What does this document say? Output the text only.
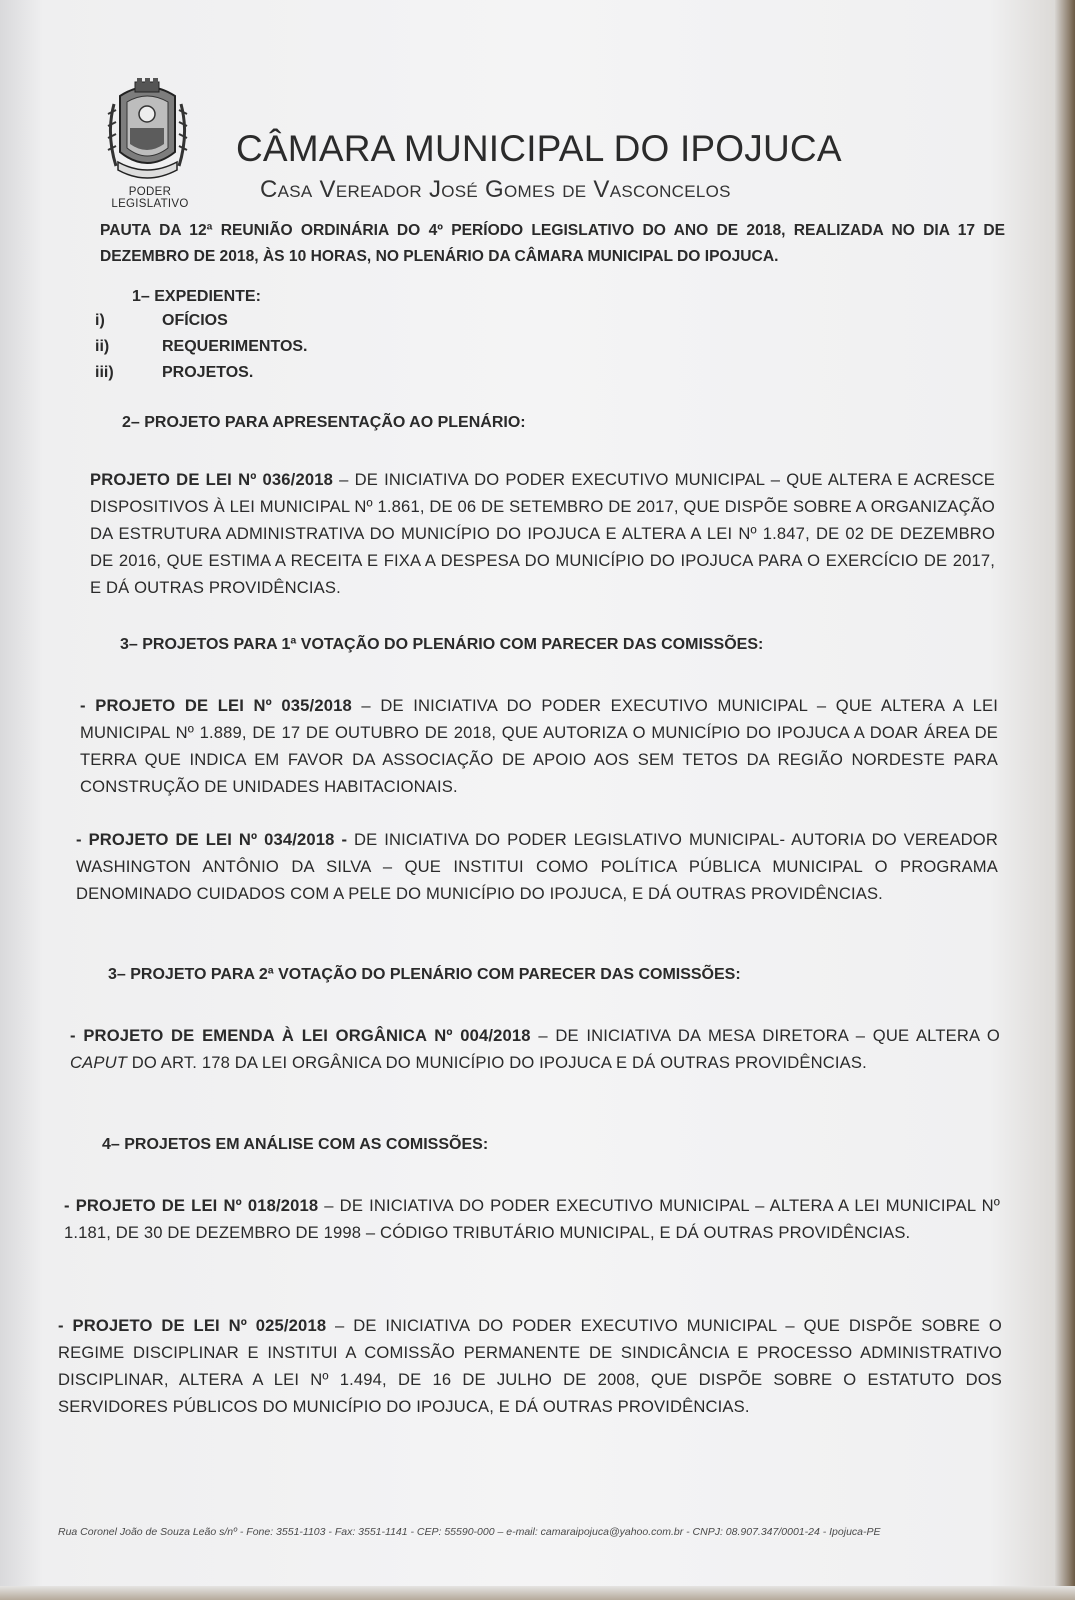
PODER
LEGISLATIVO
CÂMARA MUNICIPAL DO IPOJUCA
Casa Vereador José Gomes de Vasconcelos
PAUTA DA 12ª REUNIÃO ORDINÁRIA DO 4º PERÍODO LEGISLATIVO DO ANO DE 2018, REALIZADA NO DIA 17 DE DEZEMBRO DE 2018, ÀS 10 HORAS, NO PLENÁRIO DA CÂMARA MUNICIPAL DO IPOJUCA.
1– EXPEDIENTE:
i)	OFÍCIOS
ii)	REQUERIMENTOS.
iii)	PROJETOS.
2– PROJETO PARA APRESENTAÇÃO AO PLENÁRIO:
PROJETO DE LEI Nº 036/2018 – DE INICIATIVA DO PODER EXECUTIVO MUNICIPAL – QUE ALTERA E ACRESCE DISPOSITIVOS À LEI MUNICIPAL Nº 1.861, DE 06 DE SETEMBRO DE 2017, QUE DISPÕE SOBRE A ORGANIZAÇÃO DA ESTRUTURA ADMINISTRATIVA DO MUNICÍPIO DO IPOJUCA E ALTERA A LEI Nº 1.847, DE 02 DE DEZEMBRO DE 2016, QUE ESTIMA A RECEITA E FIXA A DESPESA DO MUNICÍPIO DO IPOJUCA PARA O EXERCÍCIO DE 2017, E DÁ OUTRAS PROVIDÊNCIAS.
3– PROJETOS PARA 1ª VOTAÇÃO DO PLENÁRIO COM PARECER DAS COMISSÕES:
- PROJETO DE LEI Nº 035/2018 – DE INICIATIVA DO PODER EXECUTIVO MUNICIPAL – QUE ALTERA A LEI MUNICIPAL Nº 1.889, DE 17 DE OUTUBRO DE 2018, QUE AUTORIZA O MUNICÍPIO DO IPOJUCA A DOAR ÁREA DE TERRA QUE INDICA EM FAVOR DA ASSOCIAÇÃO DE APOIO AOS SEM TETOS DA REGIÃO NORDESTE PARA CONSTRUÇÃO DE UNIDADES HABITACIONAIS.
- PROJETO DE LEI Nº 034/2018 - DE INICIATIVA DO PODER LEGISLATIVO MUNICIPAL- AUTORIA DO VEREADOR WASHINGTON ANTÔNIO DA SILVA – QUE INSTITUI COMO POLÍTICA PÚBLICA MUNICIPAL O PROGRAMA DENOMINADO CUIDADOS COM A PELE DO MUNICÍPIO DO IPOJUCA, E DÁ OUTRAS PROVIDÊNCIAS.
3– PROJETO PARA 2ª VOTAÇÃO DO PLENÁRIO COM PARECER DAS COMISSÕES:
- PROJETO DE EMENDA À LEI ORGÂNICA Nº 004/2018 – DE INICIATIVA DA MESA DIRETORA – QUE ALTERA O CAPUT DO ART. 178 DA LEI ORGÂNICA DO MUNICÍPIO DO IPOJUCA E DÁ OUTRAS PROVIDÊNCIAS.
4– PROJETOS EM ANÁLISE COM AS COMISSÕES:
- PROJETO DE LEI Nº 018/2018 – DE INICIATIVA DO PODER EXECUTIVO MUNICIPAL – ALTERA A LEI MUNICIPAL Nº 1.181, DE 30 DE DEZEMBRO DE 1998 – CÓDIGO TRIBUTÁRIO MUNICIPAL, E DÁ OUTRAS PROVIDÊNCIAS.
- PROJETO DE LEI Nº 025/2018 – DE INICIATIVA DO PODER EXECUTIVO MUNICIPAL – QUE DISPÕE SOBRE O REGIME DISCIPLINAR E INSTITUI A COMISSÃO PERMANENTE DE SINDICÂNCIA E PROCESSO ADMINISTRATIVO DISCIPLINAR, ALTERA A LEI Nº 1.494, DE 16 DE JULHO DE 2008, QUE DISPÕE SOBRE O ESTATUTO DOS SERVIDORES PÚBLICOS DO MUNICÍPIO DO IPOJUCA, E DÁ OUTRAS PROVIDÊNCIAS.
Rua Coronel João de Souza Leão s/nº - Fone: 3551-1103 - Fax: 3551-1141 - CEP: 55590-000 – e-mail: camaraipojuca@yahoo.com.br - CNPJ: 08.907.347/0001-24 - Ipojuca-PE
